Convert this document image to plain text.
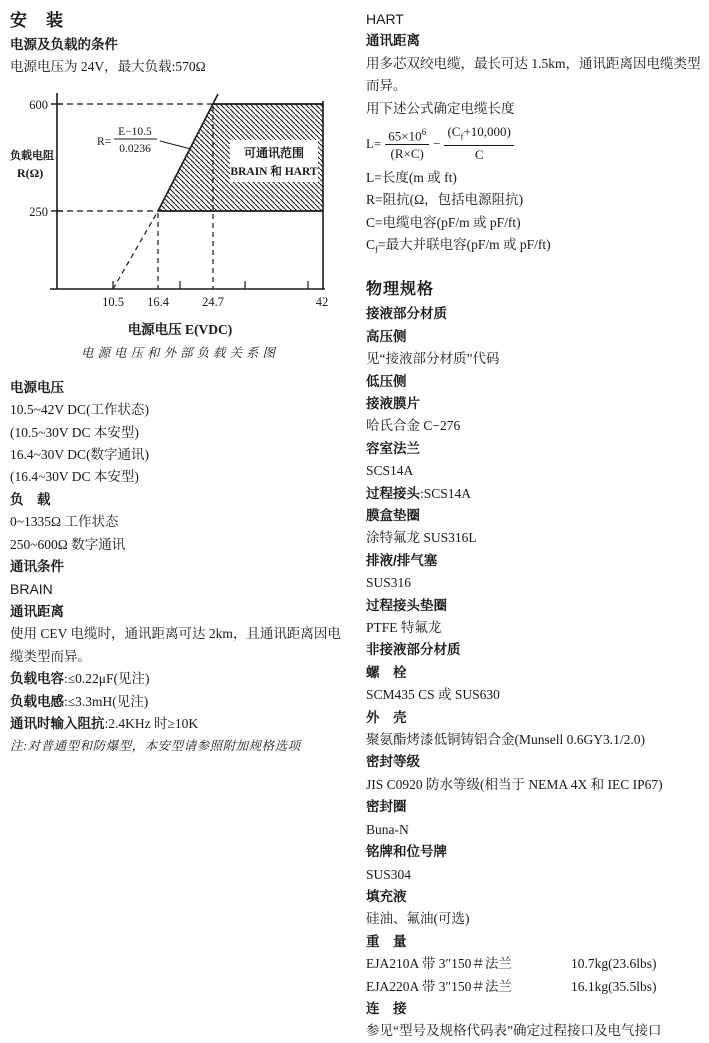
安　装
电源及负载的条件
电源电压为 24V，最大负载:570Ω
600
250
负载电阻
R(Ω)
R=
E−10.5
0.0236	可通讯范围
BRAIN 和 HART
10.5 16.4	24.7	42
电源电压 E(VDC)
电源电压和外部负载关系图
电源电压
10.5~42V DC(工作状态)
(10.5~30V DC 本安型)
16.4~30V DC(数字通讯)
(16.4~30V DC 本安型)
负　载
0~1335Ω 工作状态
250~600Ω 数字通讯
通讯条件
BRAIN
通讯距离
使用 CEV 电缆时，通讯距离可达 2km，且通讯距离因电缆类型而异。
负载电容:≤0.22μF(见注)
负载电感:≤3.3mH(见注)
通讯时输入阻抗:2.4KHz 时≥10K
注:对普通型和防爆型，本安型请参照附加规格选项
HART
通讯距离
用多芯双绞电缆，最长可达 1.5km，通讯距离因电缆类型而异。
用下述公式确定电缆长度
$L= \frac{65\times 10^6}{(R\times C)} - \frac{(C_f+10,000)}{C}$
L=长度(m 或 ft)
R=阻抗(Ω，包括电源阻抗)
C=电缆电容(pF/m 或 pF/ft)
$C_f=$最大并联电容(pF/m 或 pF/ft)
物理规格
接液部分材质
高压侧
见“接液部分材质”代码
低压侧
接液膜片
哈氏合金 C−276
容室法兰
SCS14A
过程接头:SCS14A
膜盒垫圈
涂特氟龙 SUS316L
排液/排气塞
SUS316
过程接头垫圈
PTFE 特氟龙
非接液部分材质
螺　栓
SCM435 CS 或 SUS630
外　壳
聚氨酯烤漆低铜铸铝合金(Munsell 0.6GY3.1/2.0)
密封等级
JIS C0920 防水等级(相当于 NEMA 4X 和 IEC IP67)
密封圈
Buna-N
铭牌和位号牌
SUS304
填充液
硅油、氟油(可选)
重　量
EJA210A 带 3″150＃法兰	10.7kg(23.6lbs)
EJA220A 带 3″150＃法兰	16.1kg(35.5lbs)
连　接
参见“型号及规格代码表”确定过程接口及电气接口
